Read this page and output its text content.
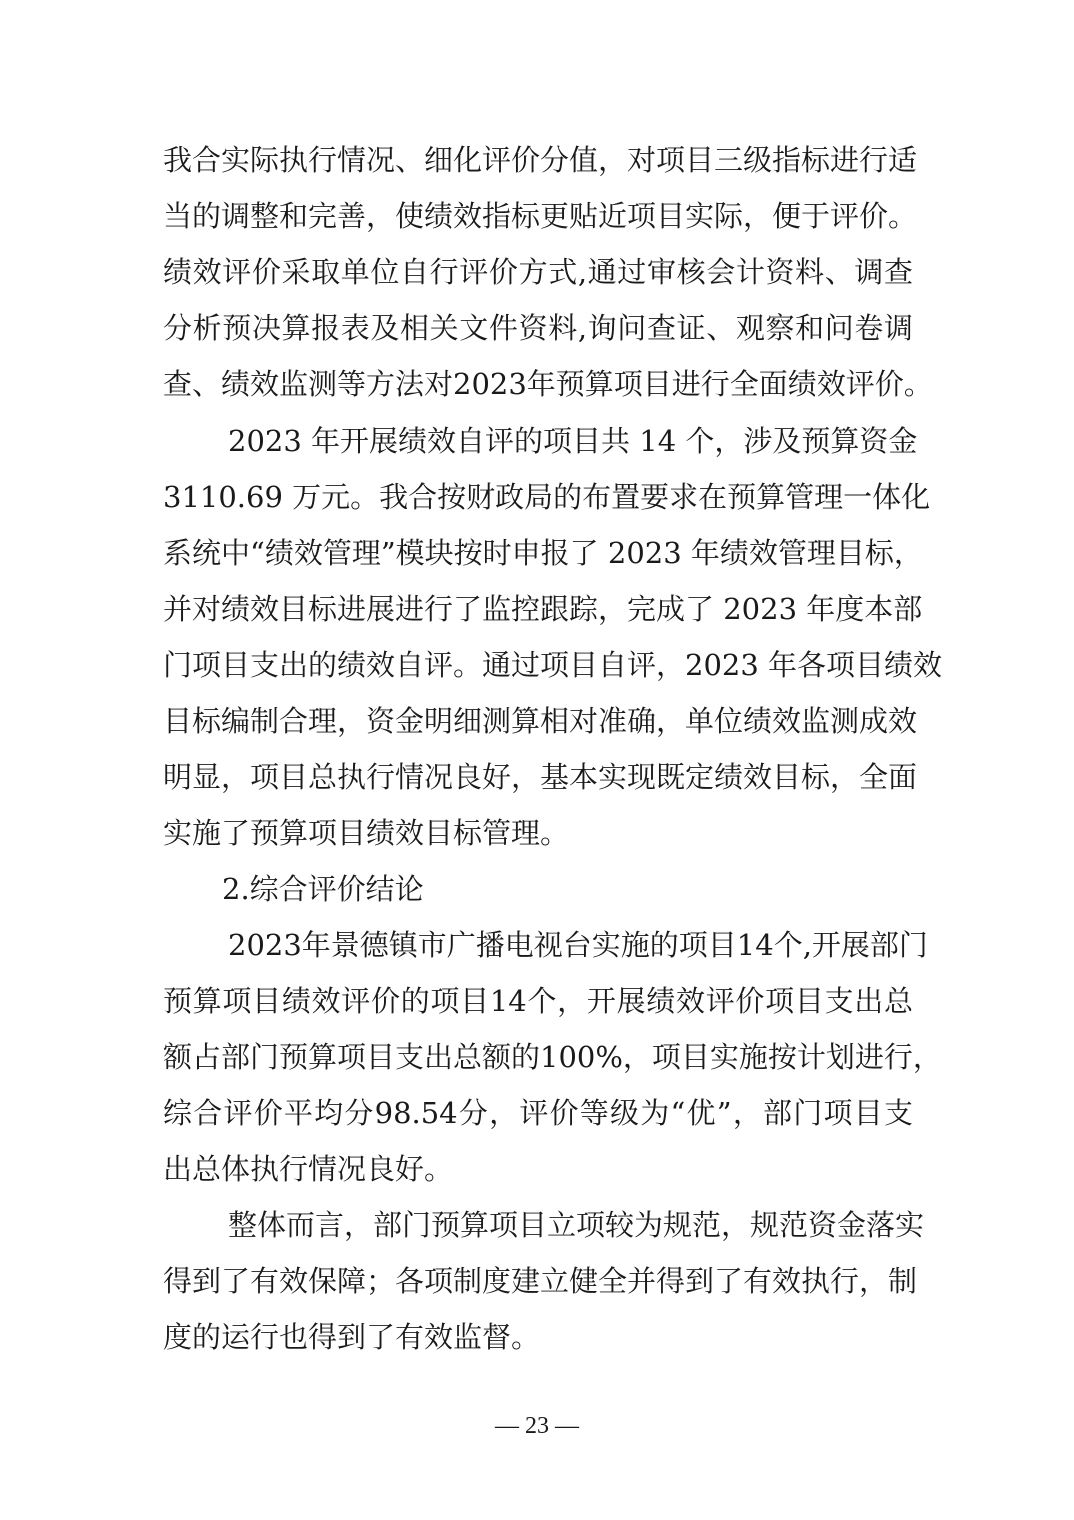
我合实际执行情况、细化评价分值，对项目三级指标进行适
当的调整和完善，使绩效指标更贴近项目实际，便于评价。
绩效评价采取单位自行评价方式,通过审核会计资料、调查
分析预决算报表及相关文件资料,询问查证、观察和问卷调
查、绩效监测等方法对2023年预算项目进行全面绩效评价。
2023 年开展绩效自评的项目共 14 个，涉及预算资金
3110.69 万元。我合按财政局的布置要求在预算管理一体化
系统中“绩效管理”模块按时申报了 2023 年绩效管理目标，
并对绩效目标进展进行了监控跟踪，完成了 2023 年度本部
门项目支出的绩效自评。通过项目自评，2023 年各项目绩效
目标编制合理，资金明细测算相对准确，单位绩效监测成效
明显，项目总执行情况良好，基本实现既定绩效目标，全面
实施了预算项目绩效目标管理。
2.综合评价结论
2023年景德镇市广播电视台实施的项目14个,开展部门
预算项目绩效评价的项目14个，开展绩效评价项目支出总
额占部门预算项目支出总额的100%，项目实施按计划进行，
综合评价平均分98.54分，评价等级为“优”，部门项目支
出总体执行情况良好。
整体而言，部门预算项目立项较为规范，规范资金落实
得到了有效保障；各项制度建立健全并得到了有效执行，制
度的运行也得到了有效监督。
— 23 —
